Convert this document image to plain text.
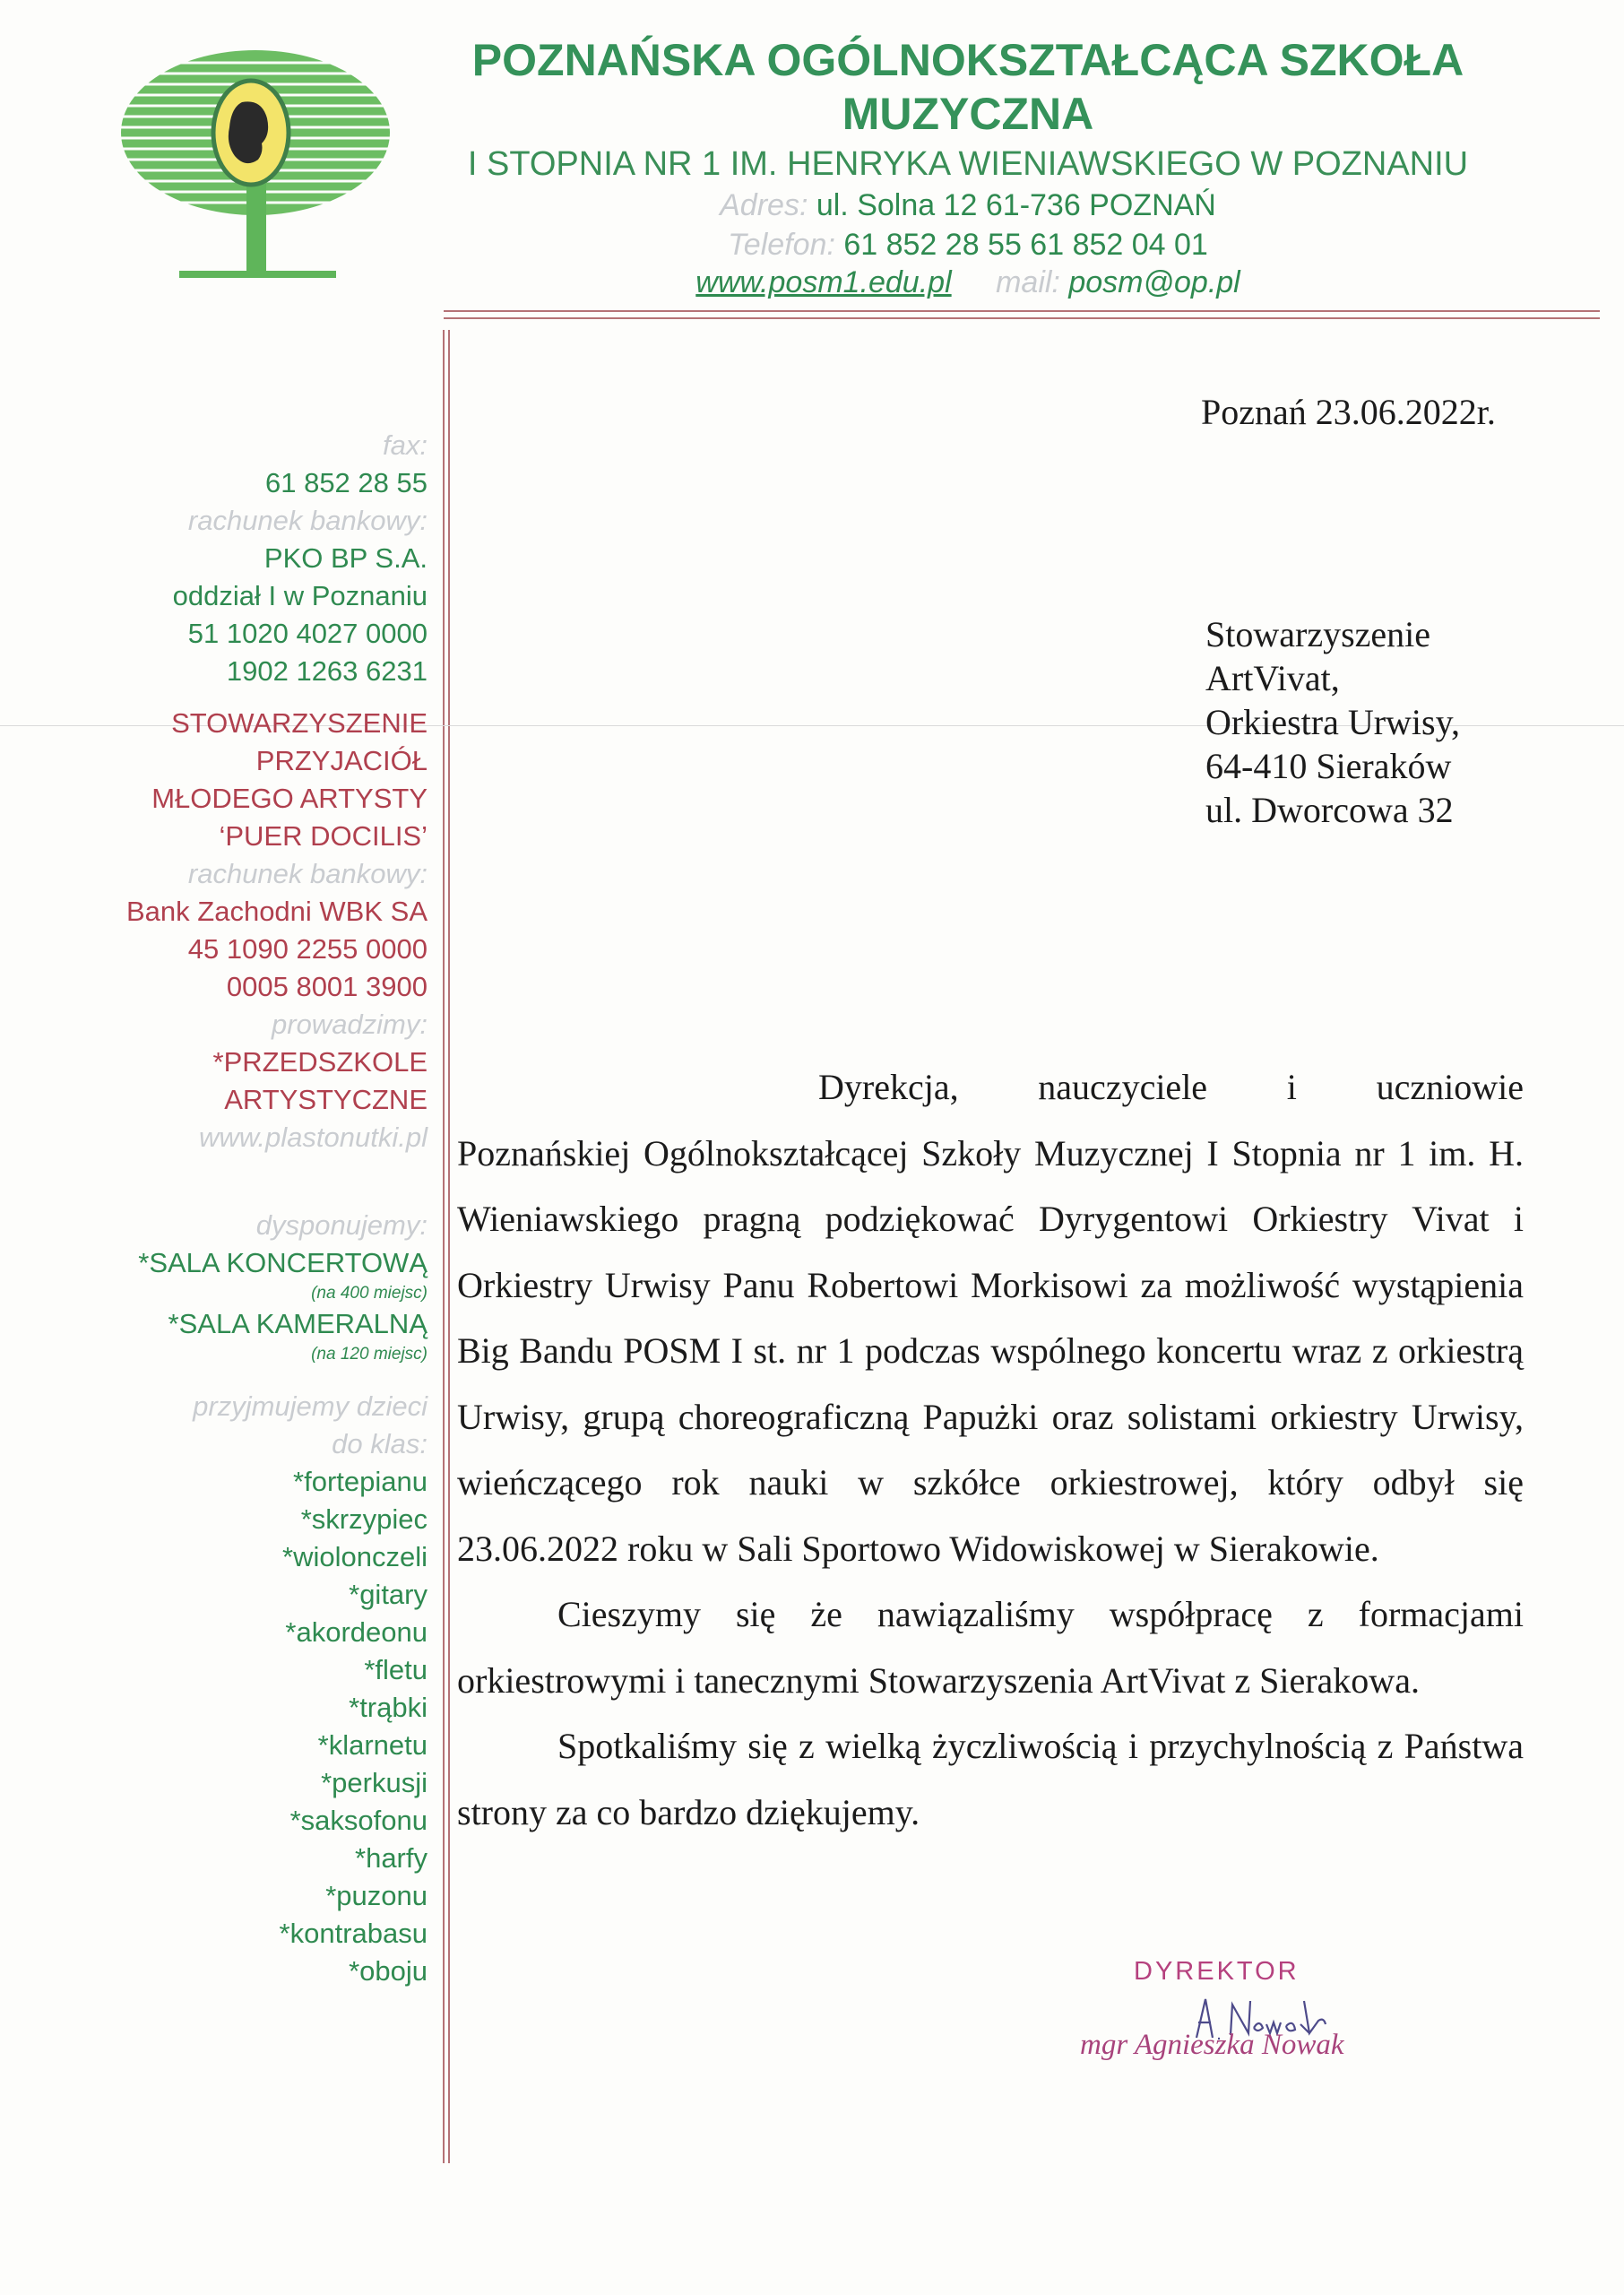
POZNAŃSKA OGÓLNOKSZTAŁCĄCA SZKOŁA
MUZYCZNA
I STOPNIA NR 1 IM. HENRYKA WIENIAWSKIEGO W POZNANIU
Adres: ul. Solna 12 61-736 POZNAŃ
Telefon: 61 852 28 55 61 852 04 01
www.posm1.edu.pl mail: posm@op.pl
fax:
61 852 28 55
rachunek bankowy:
PKO BP S.A.
oddział I w Poznaniu
51 1020 4027 0000
1902 1263 6231
STOWARZYSZENIE
PRZYJACIÓŁ
MŁODEGO ARTYSTY
‘PUER DOCILIS’
rachunek bankowy:
Bank Zachodni WBK SA
45 1090 2255 0000
0005 8001 3900
prowadzimy:
*PRZEDSZKOLE
ARTYSTYCZNE
www.plastonutki.pl
dysponujemy:
*SALA KONCERTOWĄ
(na 400 miejsc)
*SALA KAMERALNĄ
(na 120 miejsc)
przyjmujemy dzieci
do klas:
*fortepianu
*skrzypiec
*wiolonczeli
*gitary
*akordeonu
*fletu
*trąbki
*klarnetu
*perkusji
*saksofonu
*harfy
*puzonu
*kontrabasu
*oboju
Poznań 23.06.2022r.
Stowarzyszenie
ArtVivat,
Orkiestra Urwisy,
64-410 Sieraków
ul. Dworcowa 32

Dyrekcja, nauczyciele i uczniowie
Poznańskiej Ogólnokształcącej Szkoły Muzycznej I Stopnia nr 1 im. H. Wieniawskiego pragną podziękować Dyrygentowi Orkiestry Vivat i Orkiestry Urwisy Panu Robertowi Morkisowi za możliwość wystąpienia Big Bandu POSM I st. nr 1 podczas wspólnego koncertu wraz z orkiestrą Urwisy, grupą choreograficzną Papużki oraz solistami orkiestry Urwisy, wieńczącego rok nauki w szkółce orkiestrowej, który odbył się 23.06.2022 roku w Sali Sportowo Widowiskowej w Sierakowie.

Cieszymy się że nawiązaliśmy współpracę z formacjami orkiestrowymi i tanecznymi Stowarzyszenia ArtVivat z Sierakowa.

Spotkaliśmy się z wielką życzliwością i przychylnością z Państwa strony za co bardzo dziękujemy.

DYREKTOR
mgr Agnieszka Nowak
